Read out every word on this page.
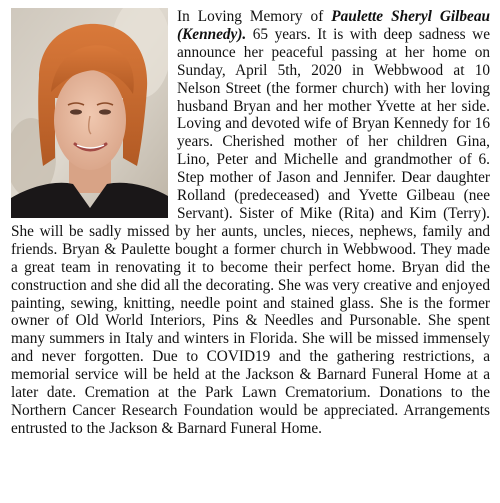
In Loving Memory of Paulette Sheryl Gilbeau (Kennedy). 65 years. It is with deep sadness we announce her peaceful passing at her home on Sunday, April 5th, 2020 in Webbwood at 10 Nelson Street (the former church) with her loving husband Bryan and her mother Yvette at her side. Loving and devoted wife of Bryan Kennedy for 16 years. Cherished mother of her children Gina, Lino, Peter and Michelle and grandmother of 6. Step mother of Jason and Jennifer. Dear daughter Rolland (predeceased) and Yvette Gilbeau (nee Servant). Sister of Mike (Rita) and Kim (Terry). She will be sadly missed by her aunts, uncles, nieces, nephews, family and friends. Bryan & Paulette bought a former church in Webbwood. They made a great team in renovating it to become their perfect home. Bryan did the construction and she did all the decorating. She was very creative and enjoyed painting, sewing, knitting, needle point and stained glass. She is the former owner of Old World Interiors, Pins & Needles and Pursonable. She spent many summers in Italy and winters in Florida. She will be missed immensely and never forgotten. Due to COVID19 and the gathering restrictions, a memorial service will be held at the Jackson & Barnard Funeral Home at a later date. Cremation at the Park Lawn Crematorium. Donations to the Northern Cancer Research Foundation would be appreciated. Arrangements entrusted to the Jackson & Barnard Funeral Home.
